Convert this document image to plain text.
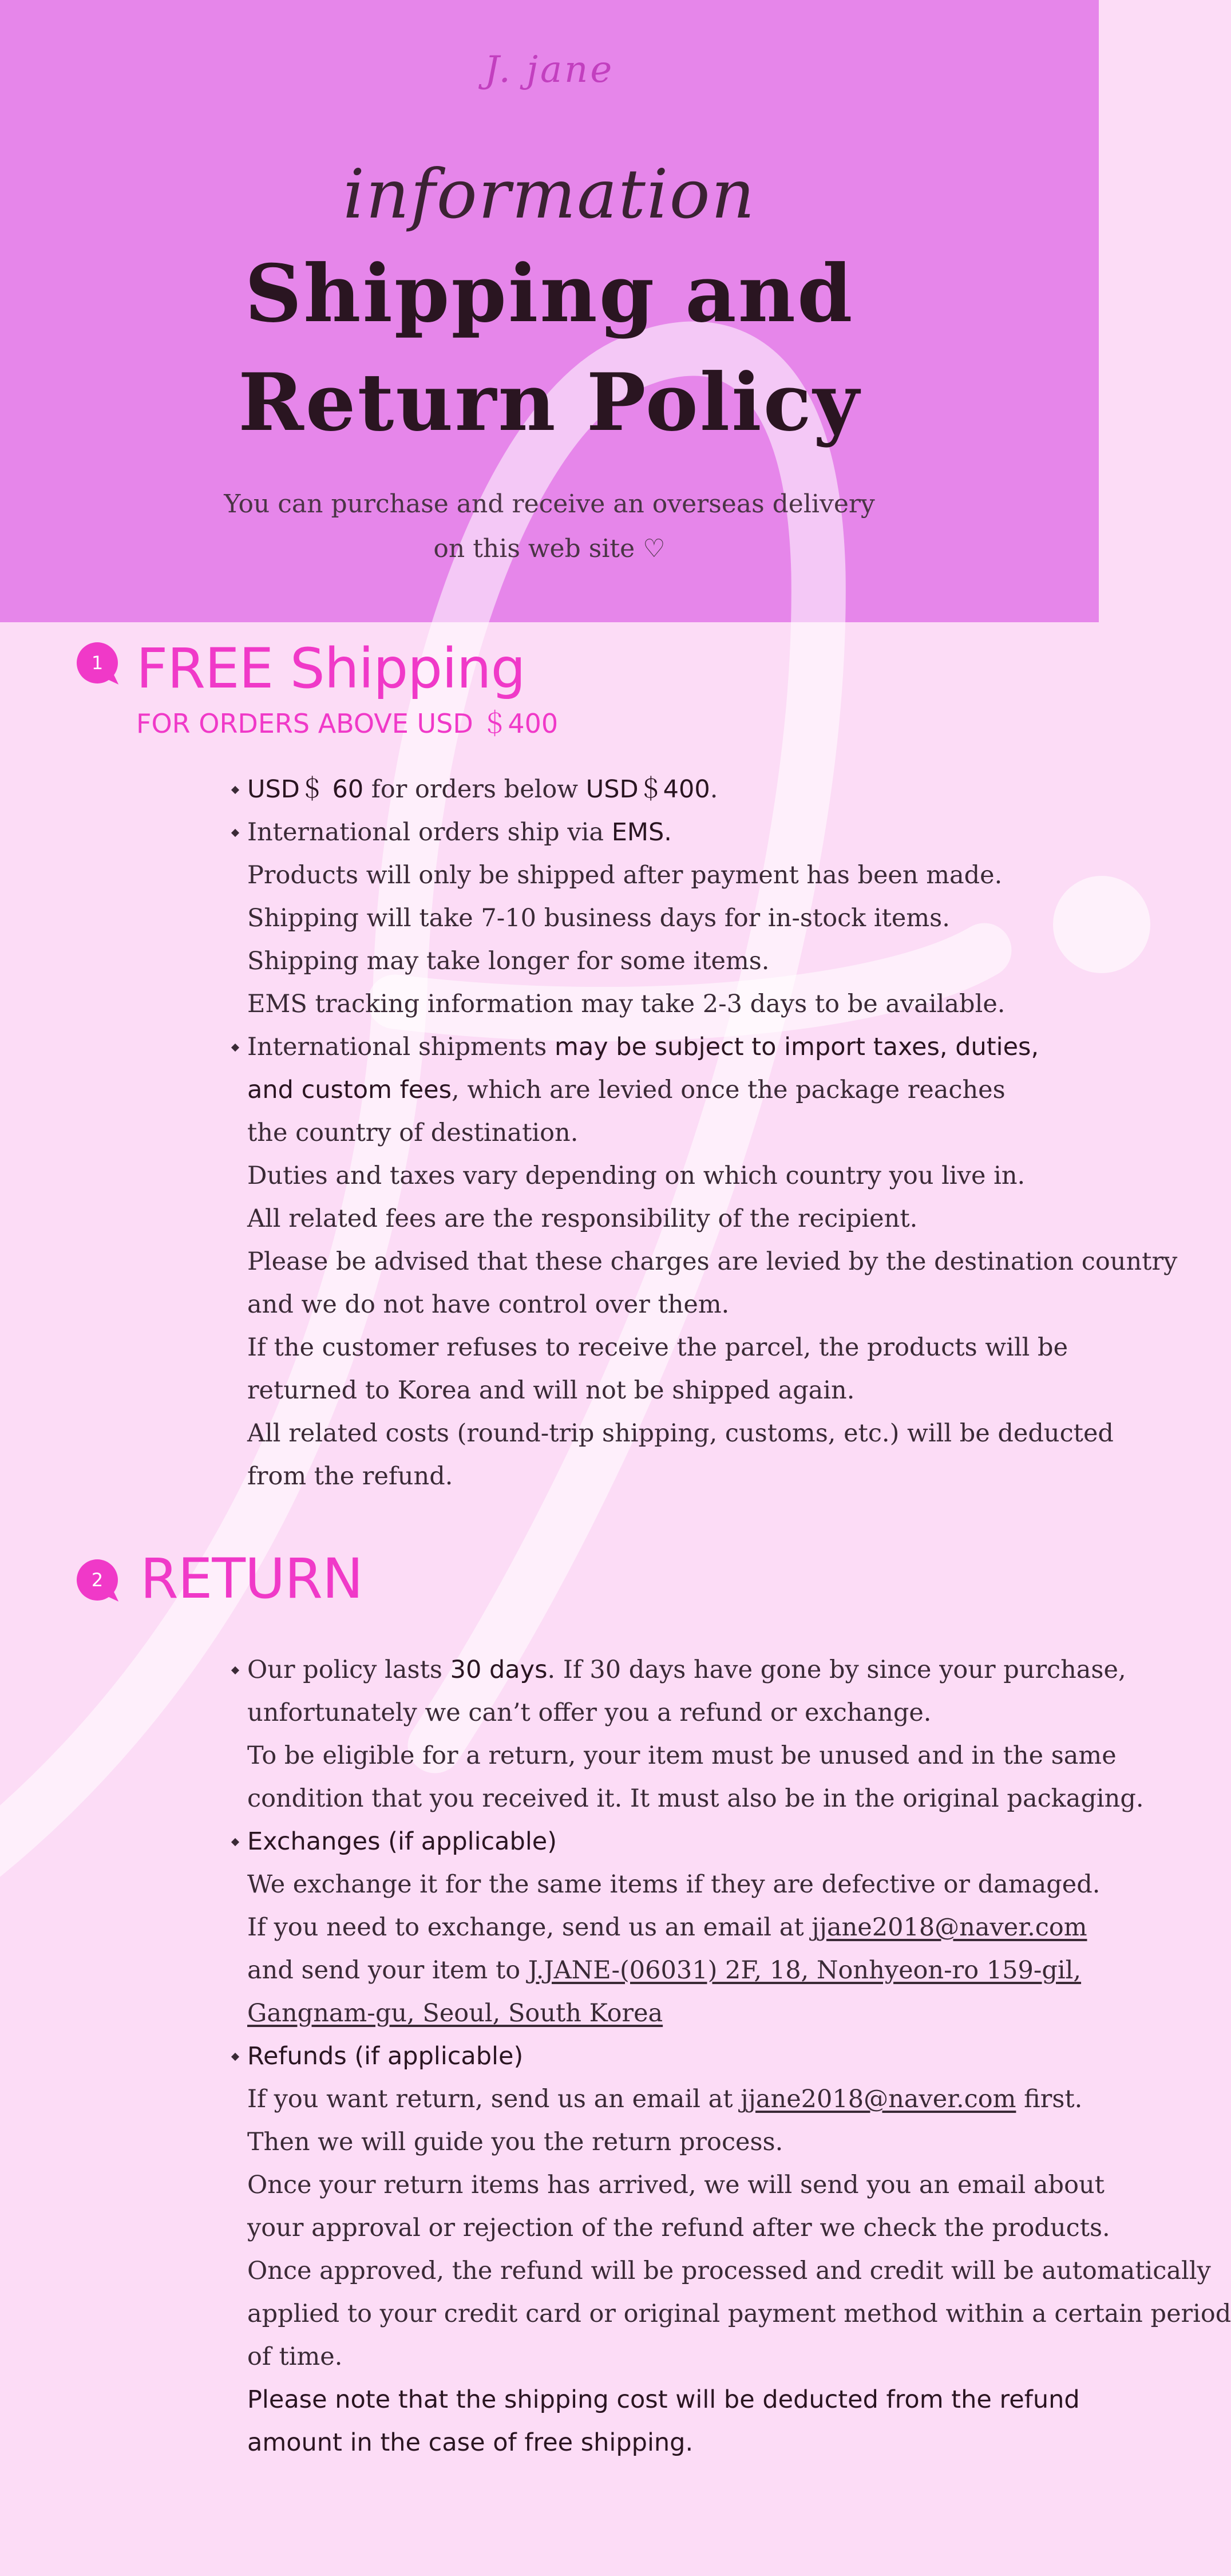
J. jane
information
Shipping and
Return Policy
You can purchase and receive an overseas delivery
on this web site ♡
1 FREE Shipping
FOR ORDERS ABOVE USD ＄400
USD＄ 60 for orders below USD＄400.
International orders ship via EMS.
Products will only be shipped after payment has been made.
Shipping will take 7-10 business days for in-stock items.
Shipping may take longer for some items.
EMS tracking information may take 2-3 days to be available.
International shipments may be subject to import taxes, duties,
and custom fees, which are levied once the package reaches
the country of destination.
Duties and taxes vary depending on which country you live in.
All related fees are the responsibility of the recipient.
Please be advised that these charges are levied by the destination country
and we do not have control over them.
If the customer refuses to receive the parcel, the products will be
returned to Korea and will not be shipped again.
All related costs (round-trip shipping, customs, etc.) will be deducted
from the refund.
2 RETURN
Our policy lasts 30 days. If 30 days have gone by since your purchase,
unfortunately we can’t offer you a refund or exchange.
To be eligible for a return, your item must be unused and in the same
condition that you received it. It must also be in the original packaging.
Exchanges (if applicable)
We exchange it for the same items if they are defective or damaged.
If you need to exchange, send us an email at jjane2018@naver.com
and send your item to J.JANE-(06031) 2F, 18, Nonhyeon-ro 159-gil,
Gangnam-gu, Seoul, South Korea
Refunds (if applicable)
If you want return, send us an email at jjane2018@naver.com first.
Then we will guide you the return process.
Once your return items has arrived, we will send you an email about
your approval or rejection of the refund after we check the products.
Once approved, the refund will be processed and credit will be automatically
applied to your credit card or original payment method within a certain period
of time.
Please note that the shipping cost will be deducted from the refund
amount in the case of free shipping.
